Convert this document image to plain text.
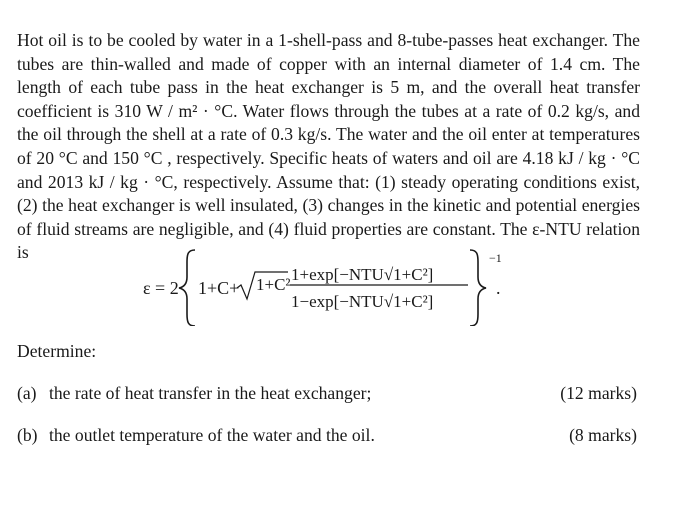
Hot oil is to be cooled by water in a 1-shell-pass and 8-tube-passes heat exchanger. The tubes are thin-walled and made of copper with an internal diameter of 1.4 cm. The length of each tube pass in the heat exchanger is 5 m, and the overall heat transfer coefficient is 310 W / m² · °C. Water flows through the tubes at a rate of 0.2 kg/s, and the oil through the shell at a rate of 0.3 kg/s. The water and the oil enter at temperatures of 20 °C and 150 °C , respectively. Specific heats of waters and oil are 4.18 kJ / kg · °C and 2013 kJ / kg · °C, respectively. Assume that: (1) steady operating conditions exist, (2) the heat exchanger is well insulated, (3) changes in the kinetic and potential energies of fluid streams are negligible, and (4) fluid properties are constant. The ε-NTU relation is

ε = 2 1+C+ 1+C²
1+exp[−NTU√1+C²]
1−exp[−NTU√1+C²]
−1
.

Determine:

(a) the rate of heat transfer in the heat exchanger;	(12 marks)
(b) the outlet temperature of the water and the oil.	(8 marks)
